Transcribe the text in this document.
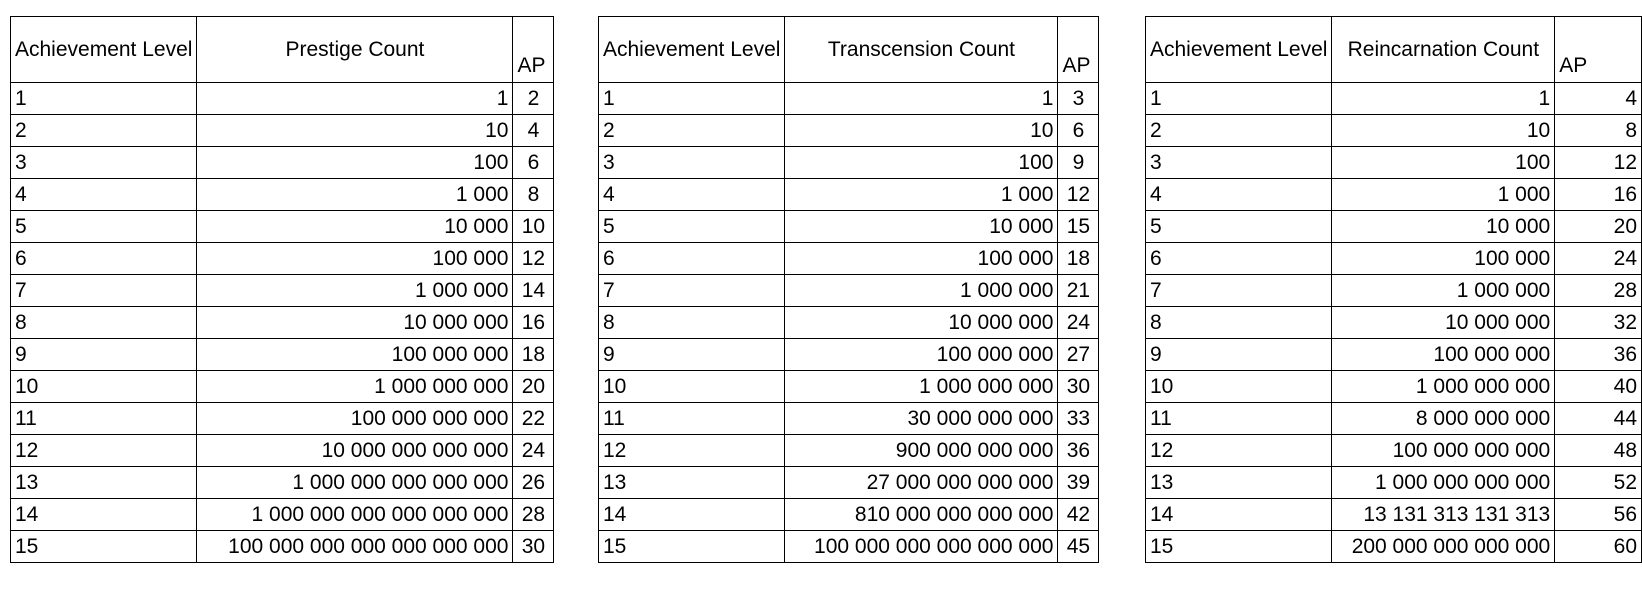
Achievement Level	Prestige Count	AP
1	1	2
2	10	4
3	100	6
4	1 000	8
5	10 000	10
6	100 000	12
7	1 000 000	14
8	10 000 000	16
9	100 000 000	18
10	1 000 000 000	20
11	100 000 000 000	22
12	10 000 000 000 000	24
13	1 000 000 000 000 000	26
14	1 000 000 000 000 000 000	28
15	100 000 000 000 000 000 000	30
Achievement Level	Transcension Count	AP
1	1	3
2	10	6
3	100	9
4	1 000	12
5	10 000	15
6	100 000	18
7	1 000 000	21
8	10 000 000	24
9	100 000 000	27
10	1 000 000 000	30
11	30 000 000 000	33
12	900 000 000 000	36
13	27 000 000 000 000	39
14	810 000 000 000 000	42
15	100 000 000 000 000 000	45
Achievement Level	Reincarnation Count	AP
1	1	4
2	10	8
3	100	12
4	1 000	16
5	10 000	20
6	100 000	24
7	1 000 000	28
8	10 000 000	32
9	100 000 000	36
10	1 000 000 000	40
11	8 000 000 000	44
12	100 000 000 000	48
13	1 000 000 000 000	52
14	13 131 313 131 313	56
15	200 000 000 000 000	60
